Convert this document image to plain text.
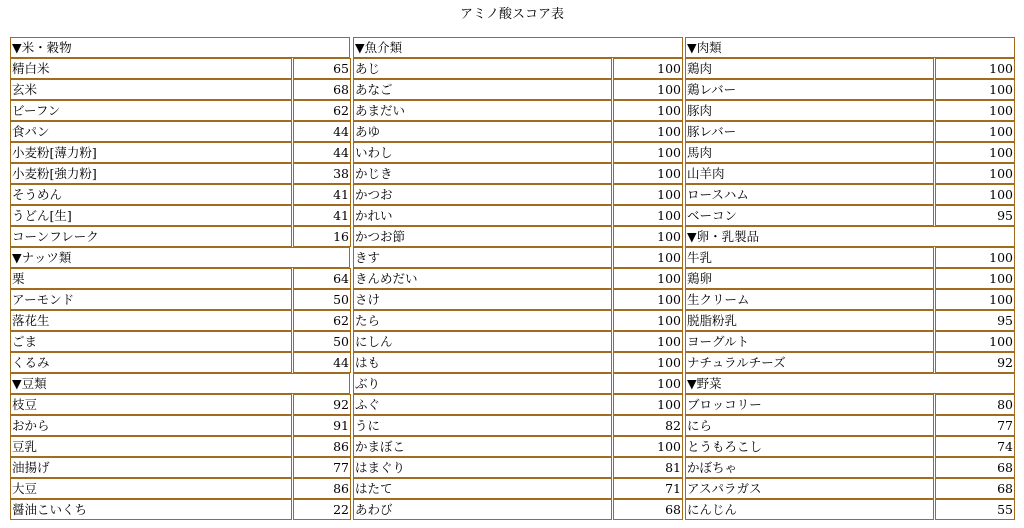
アミノ酸スコア表
▼米・穀物
精白米	65
玄米	68
ビーフン	62
食パン	44
小麦粉[薄力粉]	44
小麦粉[強力粉]	38
そうめん	41
うどん[生]	41
コーンフレーク	16
▼ナッツ類
栗	64
アーモンド	50
落花生	62
ごま	50
くるみ	44
▼豆類
枝豆	92
おから	91
豆乳	86
油揚げ	77
大豆	86
醤油こいくち	22
▼魚介類
あじ	100
あなご	100
あまだい	100
あゆ	100
いわし	100
かじき	100
かつお	100
かれい	100
かつお節	100
きす	100
きんめだい	100
さけ	100
たら	100
にしん	100
はも	100
ぶり	100
ふぐ	100
うに	82
かまぼこ	100
はまぐり	81
はたて	71
あわび	68
▼肉類
鶏肉	100
鶏レバー	100
豚肉	100
豚レバー	100
馬肉	100
山羊肉	100
ロースハム	100
ベーコン	95
▼卵・乳製品
牛乳	100
鶏卵	100
生クリーム	100
脱脂粉乳	95
ヨーグルト	100
ナチュラルチーズ	92
▼野菜
ブロッコリー	80
にら	77
とうもろこし	74
かぼちゃ	68
アスパラガス	68
にんじん	55
